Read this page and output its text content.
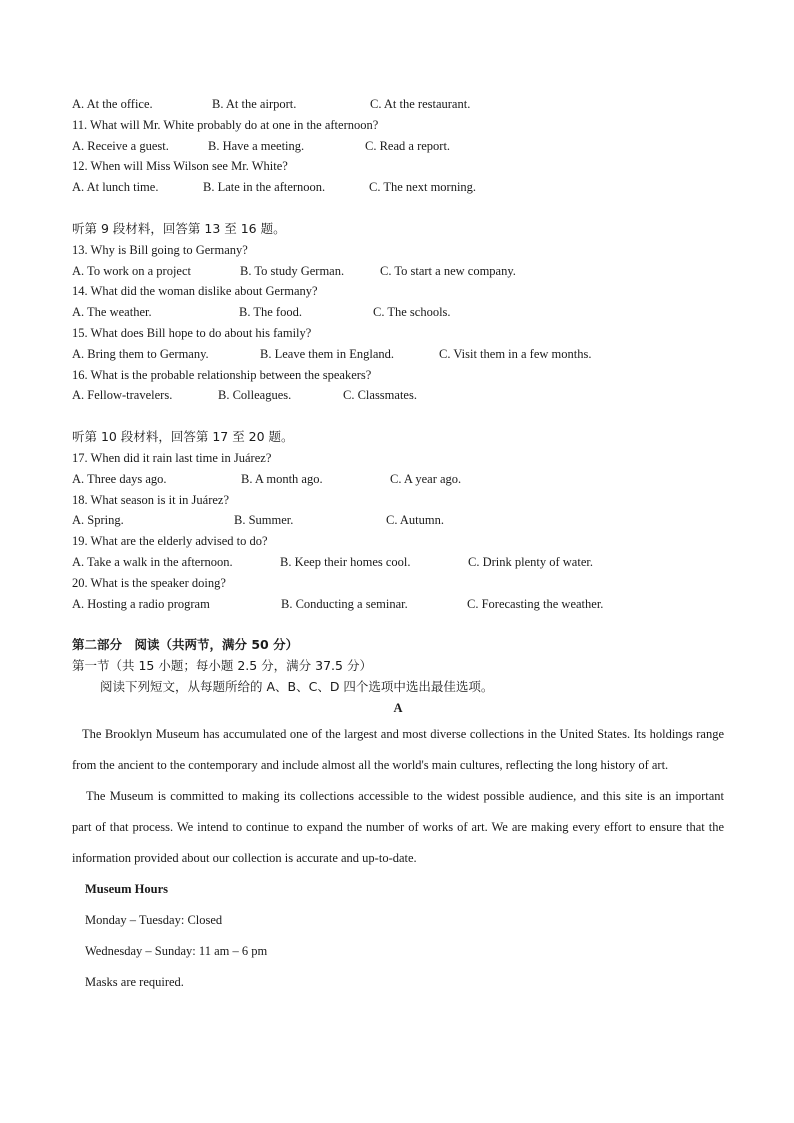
A. At the office.	B. At the airport.	C. At the restaurant.
11. What will Mr. White probably do at one in the afternoon?
A. Receive a guest.	B. Have a meeting.	C. Read a report.
12. When will Miss Wilson see Mr. White?
A. At lunch time.	B. Late in the afternoon.	C. The next morning.
听第 9 段材料，回答第 13 至 16 题。
13. Why is Bill going to Germany?
A. To work on a project	B. To study German.	C. To start a new company.
14. What did the woman dislike about Germany?
A. The weather.	B. The food.	C. The schools.
15. What does Bill hope to do about his family?
A. Bring them to Germany.	B. Leave them in England.	C. Visit them in a few months.
16. What is the probable relationship between the speakers?
A. Fellow-travelers.	B. Colleagues.	C. Classmates.
听第 10 段材料，回答第 17 至 20 题。
17. When did it rain last time in Juárez?
A. Three days ago.	B. A month ago.	C. A year ago.
18. What season is it in Juárez?
A. Spring.	B. Summer.	C. Autumn.
19. What are the elderly advised to do?
A. Take a walk in the afternoon.	B. Keep their homes cool.	C. Drink plenty of water.
20. What is the speaker doing?
A. Hosting a radio program	B. Conducting a seminar.	C. Forecasting the weather.
第二部分　阅读（共两节，满分 50 分）
第一节（共 15 小题；每小题 2.5 分，满分 37.5 分）
阅读下列短文，从每题所给的 A、B、C、D 四个选项中选出最佳选项。
A

The Brooklyn Museum has accumulated one of the largest and most diverse collections in the United States. Its holdings range from the ancient to the contemporary and include almost all the world's main cultures, reflecting the long history of art.

The Museum is committed to making its collections accessible to the widest possible audience, and this site is an important part of that process. We intend to continue to expand the number of works of art. We are making every effort to ensure that the information provided about our collection is accurate and up-to-date.

Museum Hours
Monday – Tuesday: Closed
Wednesday – Sunday: 11 am – 6 pm
Masks are required.
